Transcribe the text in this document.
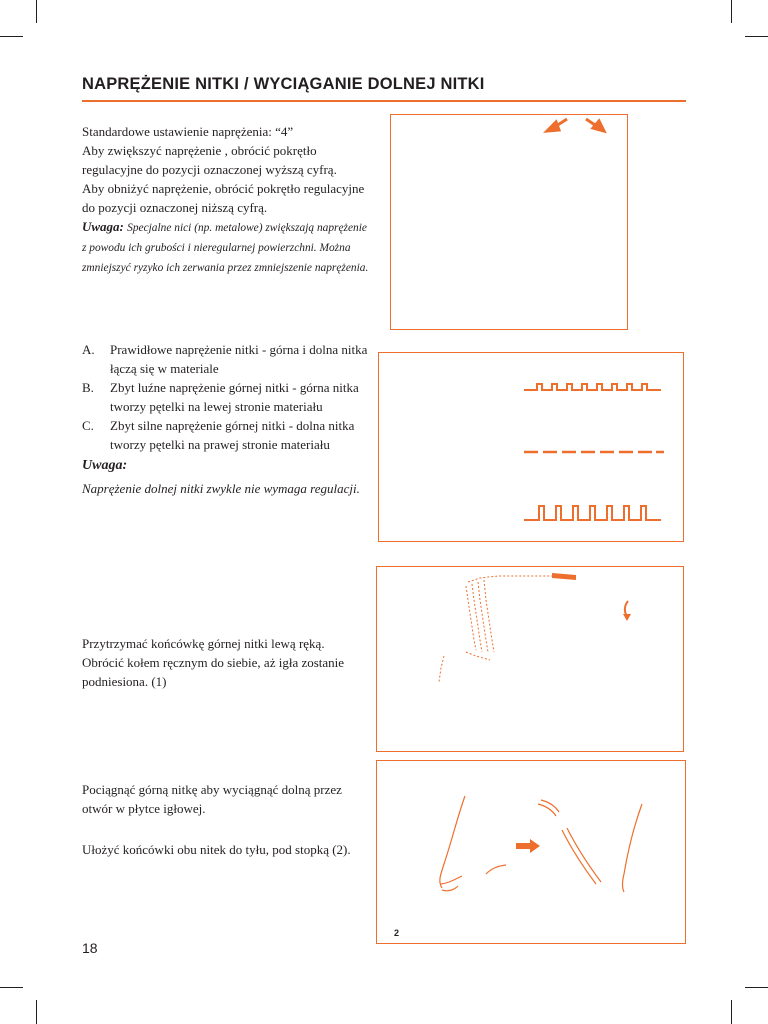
NAPRĘŻENIE NITKI / WYCIĄGANIE DOLNEJ NITKI

Standardowe ustawienie naprężenia: “4”

Aby zwiększyć naprężenie , obrócić pokrętło regulacyjne do pozycji oznaczonej wyższą cyfrą.

Aby obniżyć naprężenie, obrócić pokrętło regulacyjne do pozycji oznaczonej niższą cyfrą.

Uwaga: Specjalne nici (np. metalowe) zwiększają naprężenie z powodu ich grubości i nieregularnej powierzchni. Można zmniejszyć ryzyko ich zerwania przez zmniejszenie naprężenia.

A. Prawidłowe naprężenie nitki - górna i dolna nitka łączą się w materiale
B. Zbyt luźne naprężenie górnej nitki - górna nitka tworzy pętelki na lewej stronie materiału
C. Zbyt silne naprężenie górnej nitki - dolna nitka tworzy pętelki na prawej stronie materiału

Uwaga:

Naprężenie dolnej nitki zwykle nie wymaga regulacji.

Przytrzymać końcówkę górnej nitki lewą ręką. Obrócić kołem ręcznym do siebie, aż igła zostanie podniesiona. (1)

Pociągnąć górną nitkę aby wyciągnąć dolną przez otwór w płytce igłowej.

Ułożyć końcówki obu nitek do tyłu, pod stopką (2).

2
18
